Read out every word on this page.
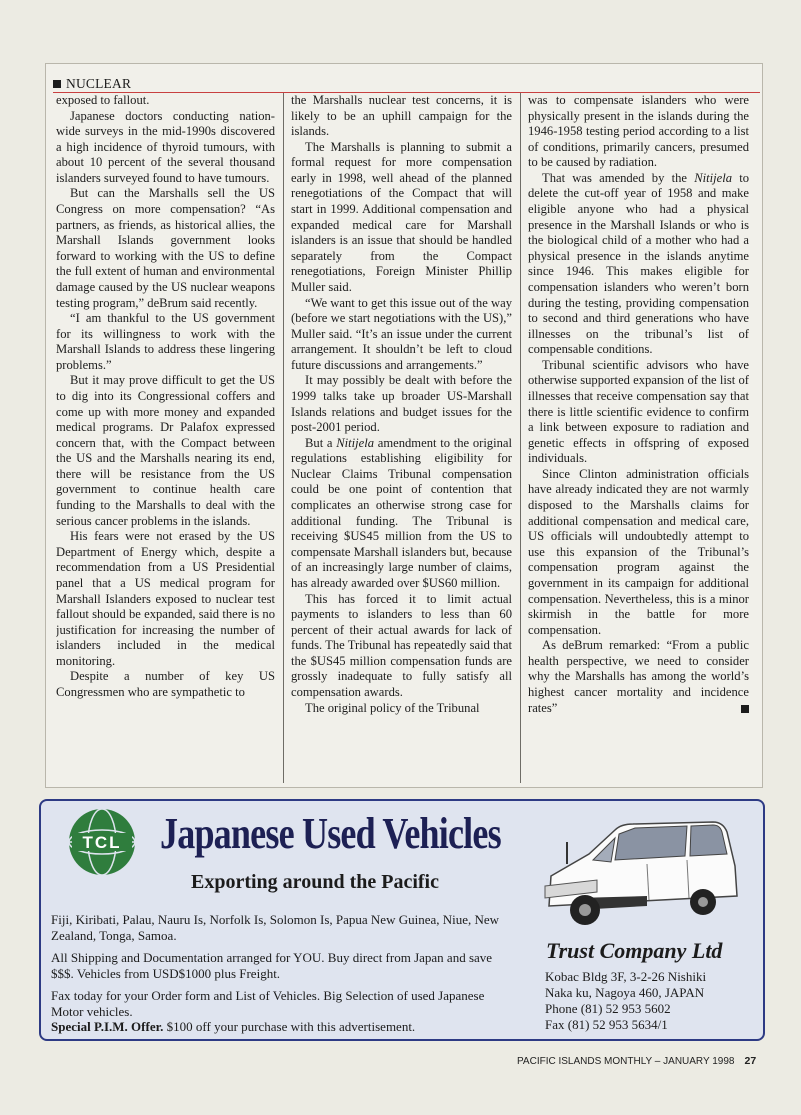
NUCLEAR

exposed to fallout.

Japanese doctors conducting nation-wide surveys in the mid-1990s discovered a high incidence of thyroid tumours, with about 10 percent of the several thousand islanders surveyed found to have tumours.

But can the Marshalls sell the US Congress on more compensation? “As partners, as friends, as historical allies, the Marshall Islands government looks forward to working with the US to define the full extent of human and environmental damage caused by the US nuclear weapons testing program,” deBrum said recently.

“I am thankful to the US government for its willingness to work with the Marshall Islands to address these lingering problems.”

But it may prove difficult to get the US to dig into its Congressional coffers and come up with more money and expanded medical programs. Dr Palafox expressed concern that, with the Compact between the US and the Marshalls nearing its end, there will be resistance from the US government to continue health care funding to the Marshalls to deal with the serious cancer problems in the islands.

His fears were not erased by the US Department of Energy which, despite a recommendation from a US Presidential panel that a US medical program for Marshall Islanders exposed to nuclear test fallout should be expanded, said there is no justification for increasing the number of islanders included in the medical monitoring.

Despite a number of key US Congressmen who are sympathetic to

the Marshalls nuclear test concerns, it is likely to be an uphill campaign for the islands.

The Marshalls is planning to submit a formal request for more compensation early in 1998, well ahead of the planned renegotiations of the Compact that will start in 1999. Additional compensation and expanded medical care for Marshall islanders is an issue that should be handled separately from the Compact renegotiations, Foreign Minister Phillip Muller said.

“We want to get this issue out of the way (before we start negotiations with the US),” Muller said. “It’s an issue under the current arrangement. It shouldn’t be left to cloud future discussions and arrangements.”

It may possibly be dealt with before the 1999 talks take up broader US-Marshall Islands relations and budget issues for the post-2001 period.

But a Nitijela amendment to the original regulations establishing eligibility for Nuclear Claims Tribunal compensation could be one point of contention that complicates an otherwise strong case for additional funding. The Tribunal is receiving $US45 million from the US to compensate Marshall islanders but, because of an increasingly large number of claims, has already awarded over $US60 million.

This has forced it to limit actual payments to islanders to less than 60 percent of their actual awards for lack of funds. The Tribunal has repeatedly said that the $US45 million compensation funds are grossly inadequate to fully satisfy all compensation awards.

The original policy of the Tribunal

was to compensate islanders who were physically present in the islands during the 1946-1958 testing period according to a list of conditions, primarily cancers, presumed to be caused by radiation.

That was amended by the Nitijela to delete the cut-off year of 1958 and make eligible anyone who had a physical presence in the Marshall Islands or who is the biological child of a mother who had a physical presence in the islands anytime since 1946. This makes eligible for compensation islanders who weren’t born during the testing, providing compensation to second and third generations who have illnesses on the tribunal’s list of compensable conditions.

Tribunal scientific advisors who have otherwise supported expansion of the list of illnesses that receive compensation say that there is little scientific evidence to confirm a link between exposure to radiation and genetic effects in offspring of exposed individuals.

Since Clinton administration officials have already indicated they are not warmly disposed to the Marshalls claims for additional compensation and medical care, US officials will undoubtedly attempt to use this expansion of the Tribunal’s compensation program against the government in its campaign for additional compensation. Nevertheless, this is a minor skirmish in the battle for more compensation.

As deBrum remarked: “From a public health perspective, we need to consider why the Marshalls has among the world’s highest cancer mortality and incidence rates”

TCL Japanese Used Vehicles
Exporting around the Pacific
Fiji, Kiribati, Palau, Nauru Is, Norfolk Is, Solomon Is, Papua New Guinea, Niue, New Zealand, Tonga, Samoa.
All Shipping and Documentation arranged for YOU. Buy direct from Japan and save $$$. Vehicles from USD$1000 plus Freight.
Fax today for your Order form and List of Vehicles. Big Selection of used Japanese Motor vehicles.
Special P.I.M. Offer. $100 off your purchase with this advertisement.
Trust Company Ltd
Kobac Bldg 3F, 3-2-26 Nishiki
Naka ku, Nagoya 460, JAPAN
Phone (81) 52 953 5602
Fax (81) 52 953 5634/1
PACIFIC ISLANDS MONTHLY – JANUARY 1998 27
